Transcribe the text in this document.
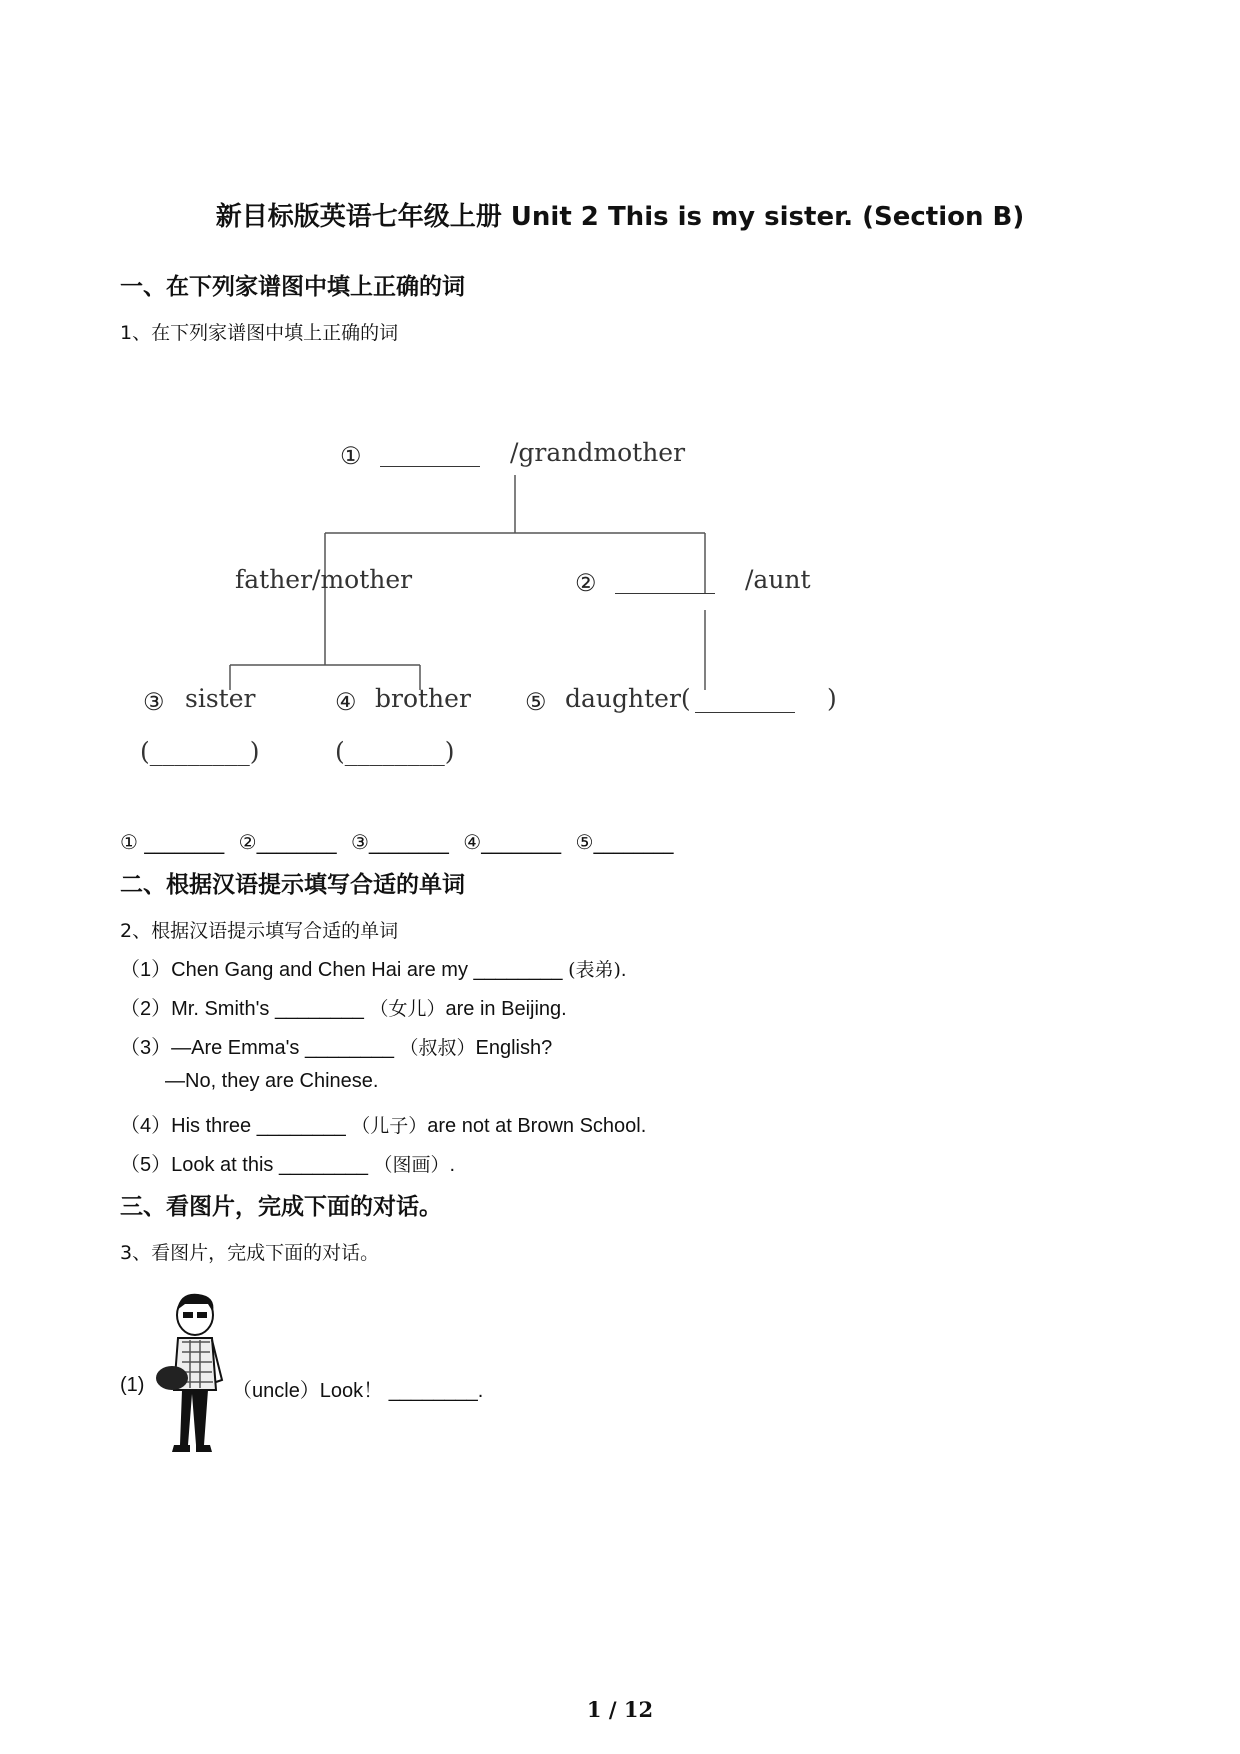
新目标版英语七年级上册 Unit 2 This is my sister. (Section B)
一、在下列家谱图中填上正确的词
1、在下列家谱图中填上正确的词
① ________ /grandmother
father/mother	② ________ /aunt
③ sister	④ brother ⑤ daughter( ________ )
(________)	(________)
① ________ ②________ ③________ ④________ ⑤________
二、根据汉语提示填写合适的单词
2、根据汉语提示填写合适的单词
（1）Chen Gang and Chen Hai are my ________ (表弟).
（2）Mr. Smith's ________ （女儿）are in Beijing.
（3）—Are Emma's ________ （叔叔）English?
—No, they are Chinese.
（4）His three ________ （儿子）are not at Brown School.
（5）Look at this ________ （图画）.
三、看图片，完成下面的对话。
3、看图片，完成下面的对话。
(1)	（uncle）Look！ ________.
1 / 12
